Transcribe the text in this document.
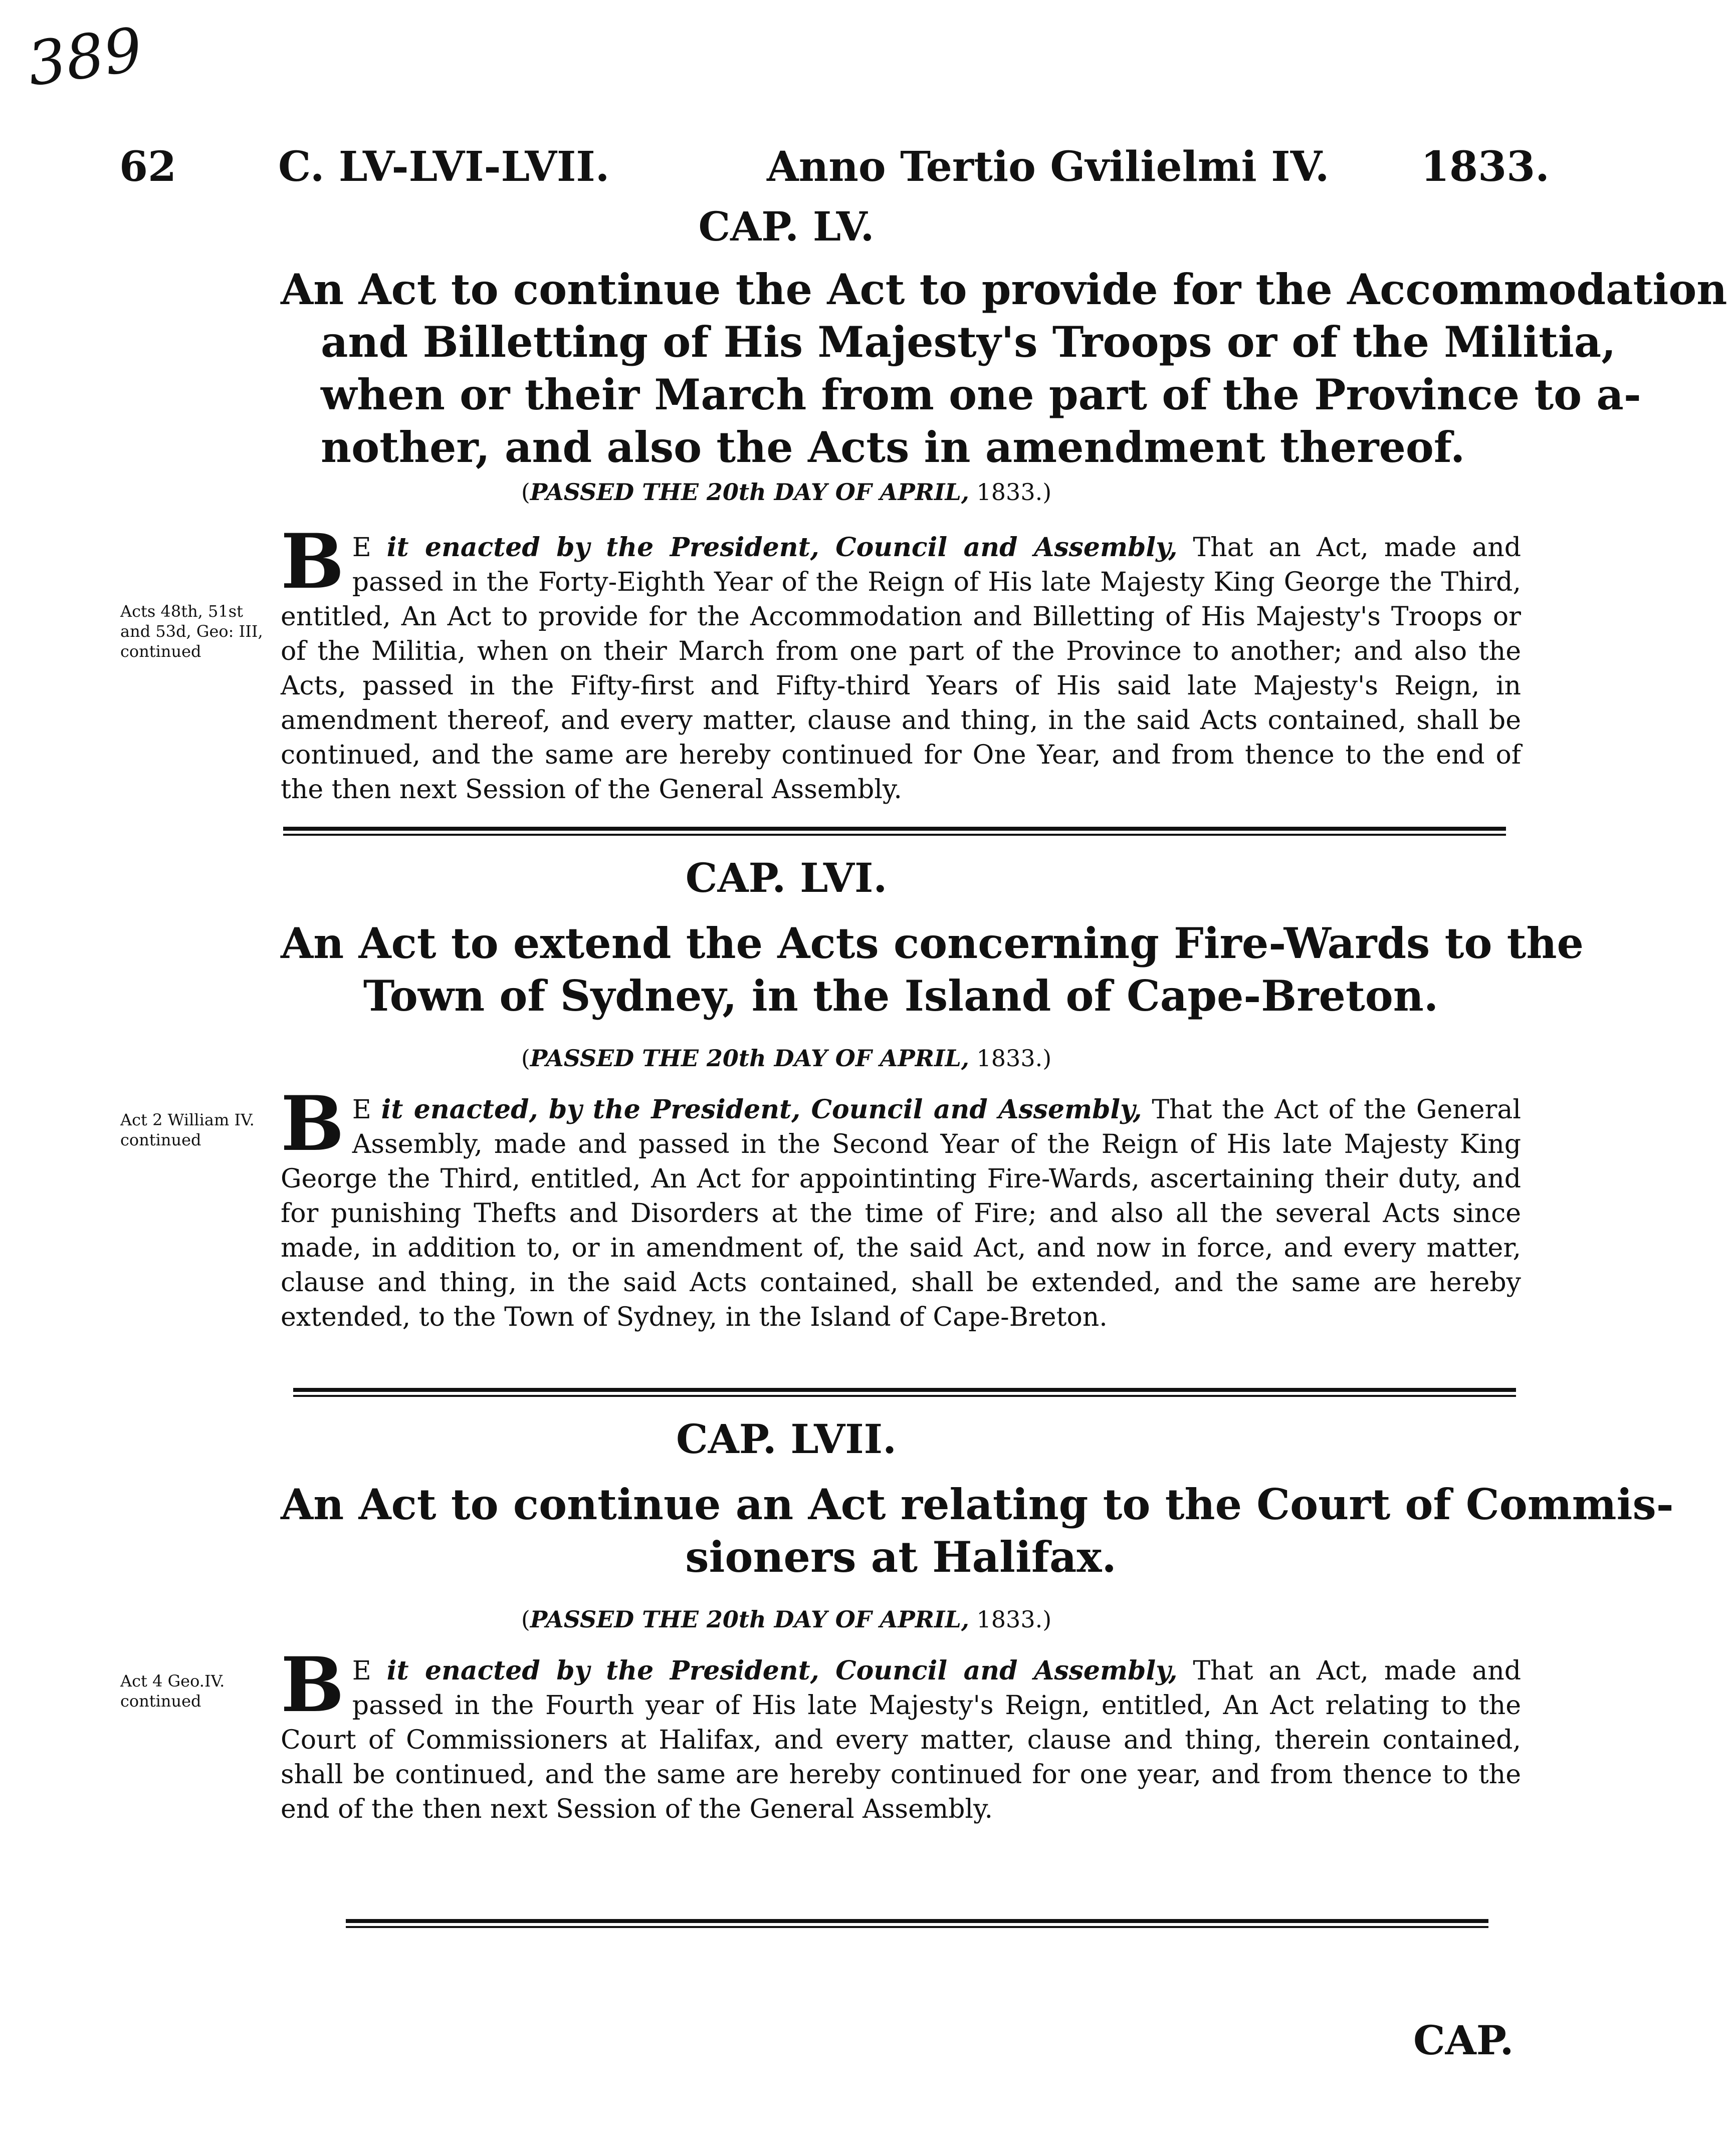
389
62 C. LV-LVI-LVII.	Anno Tertio Gvilielmi IV. 1833.
CAP. LV.
An Act to continue the Act to provide for the Accommodation
and Billetting of His Majesty's Troops or of the Militia,
when or their March from one part of the Province to a-
nother, and also the Acts in amendment thereof.
(PASSED THE 20th DAY OF APRIL, 1833.)
Acts 48th, 51st and 53d, Geo: III, continued
B E it enacted by the President, Council and Assembly, That an Act, made and passed in the Forty-Eighth Year of the Reign of His late Majesty King George the Third, entitled, An Act to provide for the Accommodation and Billetting of His Majesty's Troops or of the Militia, when on their March from one part of the Province to another; and also the Acts, passed in the Fifty-first and Fifty-third Years of His said late Majesty's Reign, in amendment thereof, and every matter, clause and thing, in the said Acts contained, shall be continued, and the same are hereby continued for One Year, and from thence to the end of the then next Session of the General Assembly.
CAP. LVI.
An Act to extend the Acts concerning Fire-Wards to the
Town of Sydney, in the Island of Cape-Breton.
(PASSED THE 20th DAY OF APRIL, 1833.)
Act 2 William IV. continued	B E it enacted, by the President, Council and Assembly, That the Act of the General Assembly, made and passed in the Second Year of the Reign of His late Majesty King George the Third, entitled, An Act for appointinting Fire-Wards, ascertaining their duty, and for punishing Thefts and Disorders at the time of Fire; and also all the several Acts since made, in addition to, or in amendment of, the said Act, and now in force, and every matter, clause and thing, in the said Acts contained, shall be extended, and the same are hereby extended, to the Town of Sydney, in the Island of Cape-Breton.
CAP. LVII.
An Act to continue an Act relating to the Court of Commis-
sioners at Halifax.
(PASSED THE 20th DAY OF APRIL, 1833.)
Act 4 Geo.IV. continued	B E it enacted by the President, Council and Assembly, That an Act, made and passed in the Fourth year of His late Majesty's Reign, entitled, An Act relating to the Court of Commissioners at Halifax, and every matter, clause and thing, therein contained, shall be continued, and the same are hereby continued for one year, and from thence to the end of the then next Session of the General Assembly.
CAP.
